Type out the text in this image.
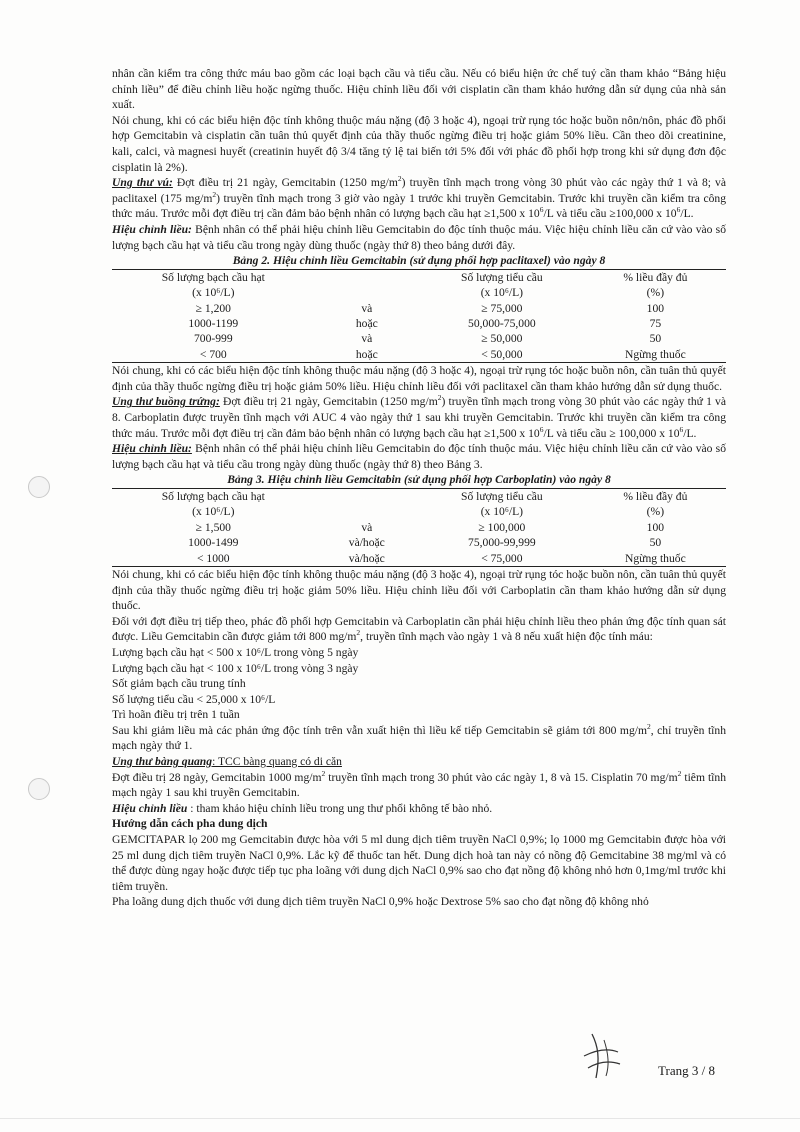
nhân cần kiểm tra công thức máu bao gồm các loại bạch cầu và tiểu cầu. Nếu có biểu hiện ức chế tuỷ cần tham khảo “Bảng hiệu chỉnh liều” để điều chỉnh liều hoặc ngừng thuốc. Hiệu chỉnh liều đối với cisplatin cần tham khảo hướng dẫn sử dụng của nhà sản xuất.

Nói chung, khi có các biểu hiện độc tính không thuộc máu nặng (độ 3 hoặc 4), ngoại trừ rụng tóc hoặc buồn nôn/nôn, phác đồ phối hợp Gemcitabin và cisplatin cần tuân thủ quyết định của thầy thuốc ngừng điều trị hoặc giảm 50% liều. Cần theo dõi creatinine, kali, calci, và magnesi huyết (creatinin huyết độ 3/4 tăng tỷ lệ tai biến tới 5% đối với phác đồ phối hợp trong khi sử dụng đơn độc cisplatin là 2%).

Ung thư vú: Đợt điều trị 21 ngày, Gemcitabin (1250 $mg/m^2$) truyền tĩnh mạch trong vòng 30 phút vào các ngày thứ 1 và 8; và paclitaxel (175 $mg/m^2$) truyền tĩnh mạch trong 3 giờ vào ngày 1 trước khi truyền Gemcitabin. Trước khi truyền cần kiểm tra công thức máu. Trước mỗi đợt điều trị cần đảm bảo bệnh nhân có lượng bạch cầu hạt ≥1,500 x $10^6/L$ và tiểu cầu ≥100,000 x $10^6/L$.

Hiệu chỉnh liều: Bệnh nhân có thể phải hiệu chỉnh liều Gemcitabin do độc tính thuộc máu. Việc hiệu chỉnh liều căn cứ vào vào số lượng bạch cầu hạt và tiểu cầu trong ngày dùng thuốc (ngày thứ 8) theo bảng dưới đây.

Bảng 2. Hiệu chỉnh liều Gemcitabin (sử dụng phối hợp paclitaxel) vào ngày 8

Số lượng bạch cầu hạt		Số lượng tiểu cầu	% liều đầy đủ
(x 10⁶/L)		(x 10⁶/L)	(%)
≥ 1,200	và	≥ 75,000	100
1000-1199	hoặc	50,000-75,000	75
700-999	và	≥ 50,000	50
< 700	hoặc	< 50,000	Ngừng thuốc

Nói chung, khi có các biểu hiện độc tính không thuộc máu nặng (độ 3 hoặc 4), ngoại trừ rụng tóc hoặc buồn nôn, cần tuân thủ quyết định của thầy thuốc ngừng điều trị hoặc giảm 50% liều. Hiệu chỉnh liều đối với paclitaxel cần tham khảo hướng dẫn sử dụng thuốc.

Ung thư buồng trứng: Đợt điều trị 21 ngày, Gemcitabin (1250 $mg/m^2$) truyền tĩnh mạch trong vòng 30 phút vào các ngày thứ 1 và 8. Carboplatin được truyền tĩnh mạch với AUC 4 vào ngày thứ 1 sau khi truyền Gemcitabin. Trước khi truyền cần kiểm tra công thức máu. Trước mỗi đợt điều trị cần đảm bảo bệnh nhân có lượng bạch cầu hạt ≥1,500 x $10^6/L$ và tiểu cầu ≥ 100,000 x $10^6/L$.

Hiệu chỉnh liều: Bệnh nhân có thể phải hiệu chỉnh liều Gemcitabin do độc tính thuộc máu. Việc hiệu chỉnh liều căn cứ vào vào số lượng bạch cầu hạt và tiểu cầu trong ngày dùng thuốc (ngày thứ 8) theo Bảng 3.

Bảng 3. Hiệu chỉnh liều Gemcitabin (sử dụng phối hợp Carboplatin) vào ngày 8

Số lượng bạch cầu hạt		Số lượng tiểu cầu	% liều đầy đủ
(x 10⁶/L)		(x 10⁶/L)	(%)
≥ 1,500	và	≥ 100,000	100
1000-1499	và/hoặc	75,000-99,999	50
< 1000	và/hoặc	< 75,000	Ngừng thuốc

Nói chung, khi có các biểu hiện độc tính không thuộc máu nặng (độ 3 hoặc 4), ngoại trừ rụng tóc hoặc buồn nôn, cần tuân thủ quyết định của thầy thuốc ngừng điều trị hoặc giảm 50% liều. Hiệu chỉnh liều đối với Carboplatin cần tham khảo hướng dẫn sử dụng thuốc.

Đối với đợt điều trị tiếp theo, phác đồ phối hợp Gemcitabin và Carboplatin cần phải hiệu chỉnh liều theo phản ứng độc tính quan sát được. Liều Gemcitabin cần được giảm tới 800 $mg/m^2$, truyền tĩnh mạch vào ngày 1 và 8 nếu xuất hiện độc tính máu:

Lượng bạch cầu hạt < 500 x 10⁶/L trong vòng 5 ngày

Lượng bạch cầu hạt < 100 x 10⁶/L trong vòng 3 ngày

Sốt giảm bạch cầu trung tính

Số lượng tiểu cầu < 25,000 x 10⁶/L

Trì hoãn điều trị trên 1 tuần

Sau khi giảm liều mà các phản ứng độc tính trên vẫn xuất hiện thì liều kế tiếp Gemcitabin sẽ giảm tới 800 $mg/m^2$, chỉ truyền tĩnh mạch ngày thứ 1.

Ung thư bàng quang: TCC bàng quang có di căn

Đợt điều trị 28 ngày, Gemcitabin 1000 $mg/m^2$ truyền tĩnh mạch trong 30 phút vào các ngày 1, 8 và 15. Cisplatin 70 $mg/m^2$ tiêm tĩnh mạch ngày 1 sau khi truyền Gemcitabin.

Hiệu chỉnh liều : tham khảo hiệu chỉnh liều trong ung thư phổi không tế bào nhỏ.

Hướng dẫn cách pha dung dịch

GEMCITAPAR lọ 200 mg Gemcitabin được hòa với 5 ml dung dịch tiêm truyền NaCl 0,9%; lọ 1000 mg Gemcitabin được hòa với 25 ml dung dịch tiêm truyền NaCl 0,9%. Lắc kỹ để thuốc tan hết. Dung dịch hoà tan này có nồng độ Gemcitabine 38 mg/ml và có thể được dùng ngay hoặc được tiếp tục pha loãng với dung dịch NaCl 0,9% sao cho đạt nồng độ không nhỏ hơn 0,1mg/ml trước khi tiêm truyền.

Pha loãng dung dịch thuốc với dung dịch tiêm truyền NaCl 0,9% hoặc Dextrose 5% sao cho đạt nồng độ không nhỏ

Trang 3 / 8
